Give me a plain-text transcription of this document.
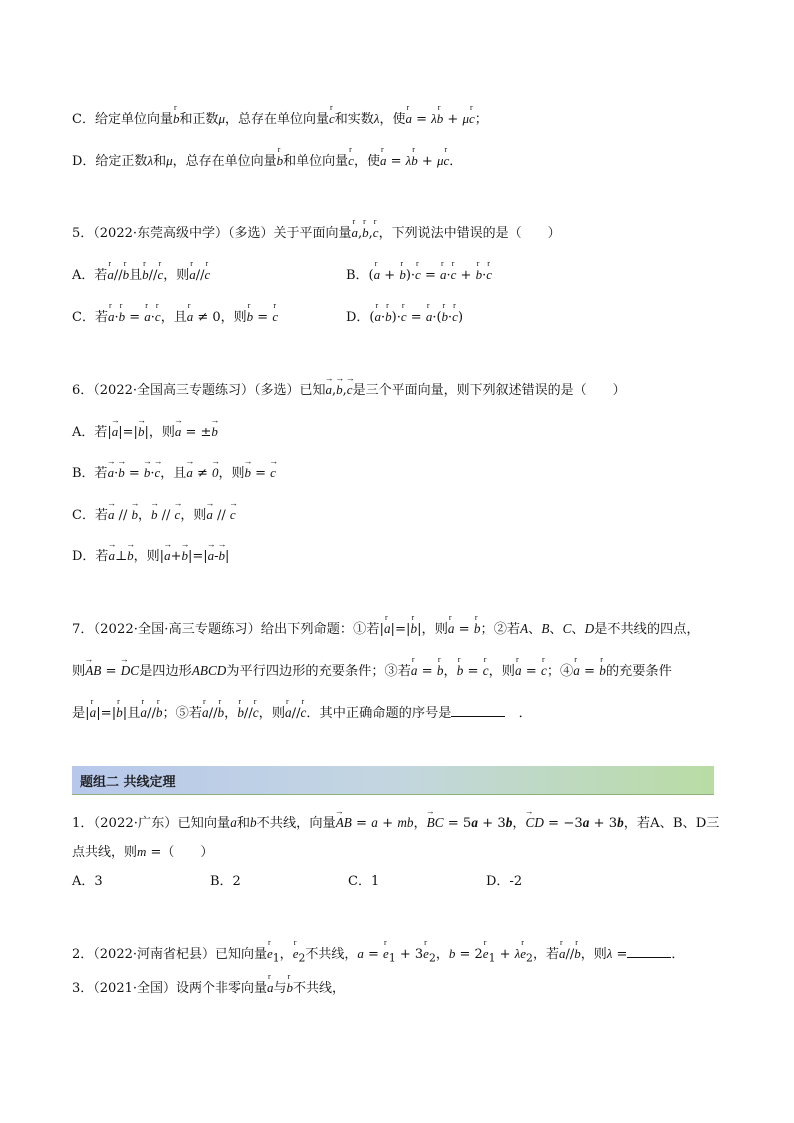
C．给定单位向量r b和正数μ，总存在单位向量r c和实数λ，使r a = λr b + μr c；
D．给定正数λ和μ，总存在单位向量r b和单位向量r c，使r a = λr b + μr c．
5．（2022·东莞高级中学）（多选）关于平面向量r a,r b,r c，下列说法中错误的是（　　）
A．若r a//r b且r b//r c，则r a//r c	B．(r a + r b)·r c = r a·r c + r b·r c
C．若r a·r b = r a·r c，且r a ≠ 0，则r b = r c	D．(r a·r b)·r c = r a·(r b·r c)
6．（2022·全国高三专题练习）（多选）已知→ a,→ b,→ c是三个平面向量，则下列叙述错误的是（　　）
A．若|→ a|=|→ b|，则→ a = ±→ b
B．若→ a·→ b = → b·→ c，且→ a ≠ → 0，则→ b = → c
C．若→ a // → b，→ b // → c，则→ a // → c
D．若→ a⊥→ b，则|→ a+→ b|=|→ a-→ b|
7．（2022·全国·高三专题练习）给出下列命题：①若|r a|=|r b|，则r a = r b；②若A、B、C、D是不共线的四点，
则→ AB = → DC是四边形ABCD为平行四边形的充要条件；③若r a = r b，r b = r c，则r a = r c；④r a = r b的充要条件
是|r a|=|r b|且r a//r b；⑤若r a//r b，r b//r c，则r a//r c．其中正确命题的序号是	　．
题组二 共线定理
1．（2022·广东）已知向量a和b不共线，向量→ AB = a + mb，→ BC = 5a + 3b，→ CD = −3a + 3b，若A、B、D三
点共线，则m =（　　）
A．3	B．2	C．1	D．-2
2．（2022·河南省杞县）已知向量r $e_1$，r $e_2$不共线，a = r $e_1 + 3r$ $e_2$，b = 2r $e_1 + \lambda r$ $e_2$，若r a//r b，则λ =	．
3．（2021·全国）设两个非零向量r a与r b不共线，
